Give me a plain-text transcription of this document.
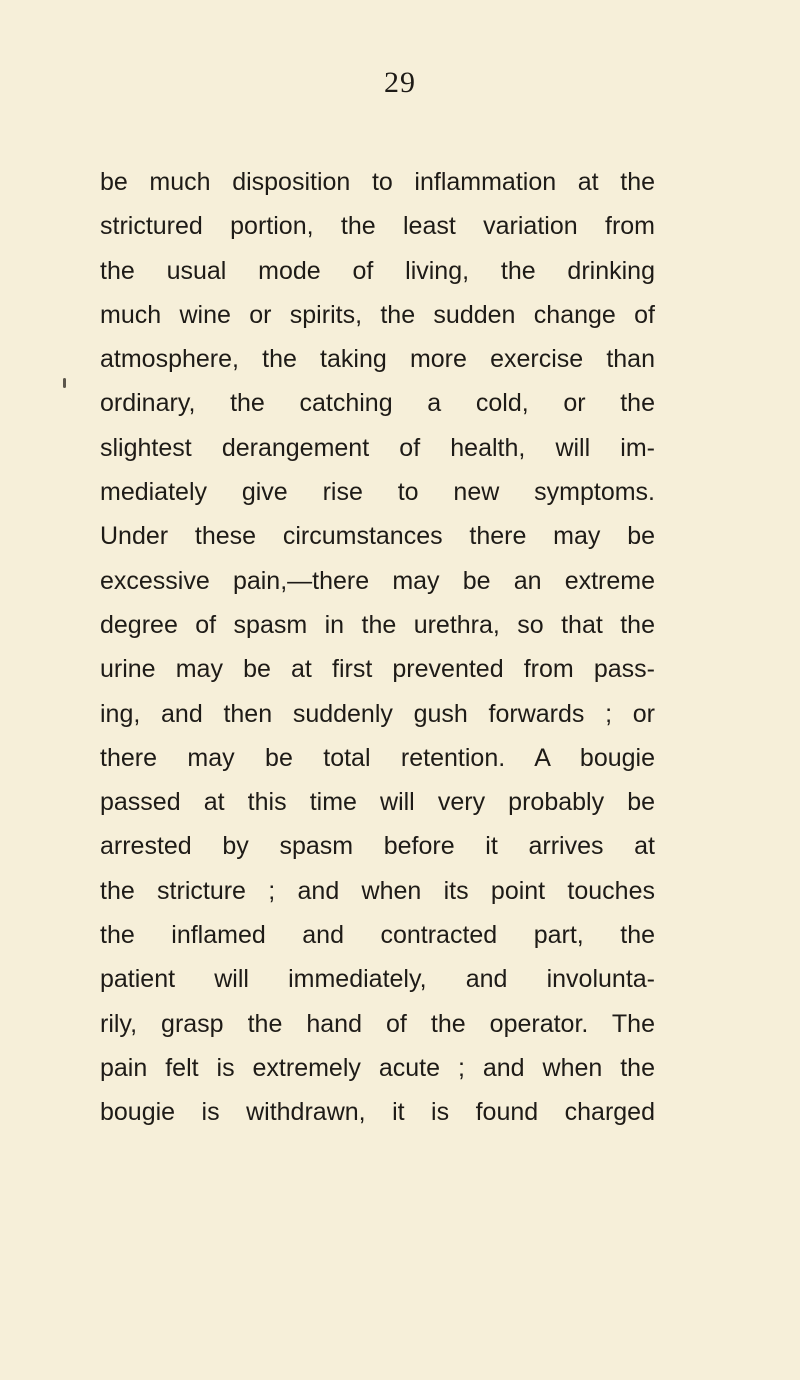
29
be much disposition to inflammation at the
strictured portion, the least variation from
the usual mode of living, the drinking
much wine or spirits, the sudden change of
atmosphere, the taking more exercise than
ordinary, the catching a cold, or the
slightest derangement of health, will im-
mediately give rise to new symptoms.
Under these circumstances there may be
excessive pain,—there may be an extreme
degree of spasm in the urethra, so that the
urine may be at first prevented from pass-
ing, and then suddenly gush forwards ; or
there may be total retention. A bougie
passed at this time will very probably be
arrested by spasm before it arrives at
the stricture ; and when its point touches
the inflamed and contracted part, the
patient will immediately, and involunta-
rily, grasp the hand of the operator. The
pain felt is extremely acute ; and when the
bougie is withdrawn, it is found charged
